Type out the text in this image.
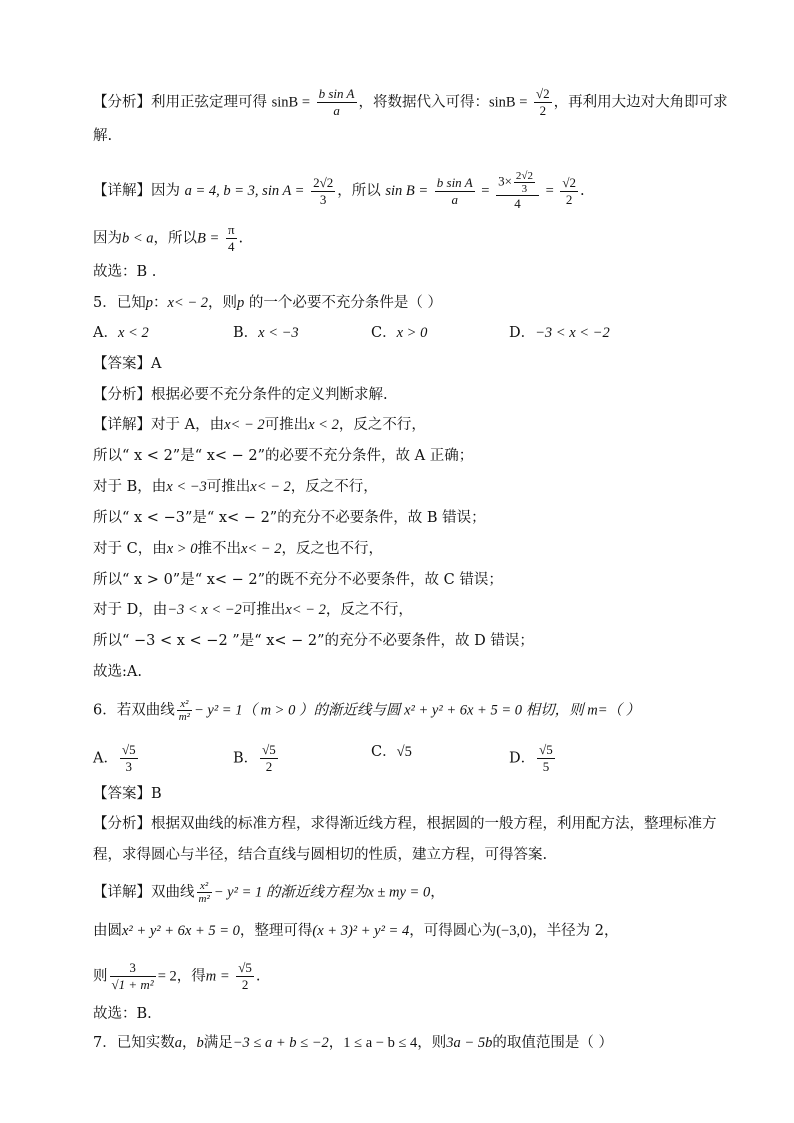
【分析】利用正弦定理可得 $\sin B = \frac{\text{b sin A}}{a}$ ，将数据代入可得：$\sin B = \frac{√2}{2}$ ，再利用大边对大角即可求
解.
【详解】因为 a = 4, b = 3, $\sin A = \frac{2√2}{3}$ ，所以 $\sin B = \frac{\text{b sin A}}{a} = \frac{3\times \frac{2√2}{3}}{4} = \frac{√2}{2}$ .
因为b < a，所以$B = \frac{\pi}{4}$ .
故选：B .
5．已知p：x< − 2，则p 的一个必要不充分条件是（ ）
A．x < 2	B．x < −3	C．x > 0	D．−3 < x < −2
【答案】A
【分析】根据必要不充分条件的定义判断求解.
【详解】对于 A，由x< − 2可推出x < 2，反之不行，
所以“ x < 2”是“ x< − 2”的必要不充分条件，故 A 正确；
对于 B，由x < −3可推出x< − 2，反之不行，
所以“ x < −3”是“ x< − 2”的充分不必要条件，故 B 错误；
对于 C，由x > 0推不出x< − 2，反之也不行，
所以“ x > 0”是“ x< − 2”的既不充分不必要条件，故 C 错误；
对于 D，由−3 < x < −2可推出x< − 2，反之不行，
所以“ −3 < x < −2 ”是“ x< − 2”的充分不必要条件，故 D 错误；
故选:A.
6．若双曲线 $\frac{\text{x²}}{\text{m²}} - y^2 = 1$（ m > 0 ）的渐近线与圆 x² + y² + 6x + 5 = 0 相切，则 m=（ ）
A． $\frac{√5}{3}$	B． $\frac{√5}{2}$	C．√5	D． $\frac{√5}{5}$
【答案】B
【分析】根据双曲线的标准方程，求得渐近线方程，根据圆的一般方程，利用配方法，整理标准方
程，求得圆心与半径，结合直线与圆相切的性质，建立方程，可得答案.
【详解】双曲线 $\frac{\text{x²}}{\text{m²}} - y^2 = 1$ 的渐近线方程为x ± my = 0，
由圆x² + y² + 6x + 5 = 0，整理可得(x + 3)² + y² = 4，可得圆心为(−3,0)，半径为 2，
则 $\frac{3}{\text{√1 + m²}} = 2$，得$m = \frac{√5}{2}$ .
故选：B.
7．已知实数a，b满足−3 ≤ a + b ≤ −2，1 ≤ a − b ≤ 4，则3a − 5b的取值范围是（ ）
